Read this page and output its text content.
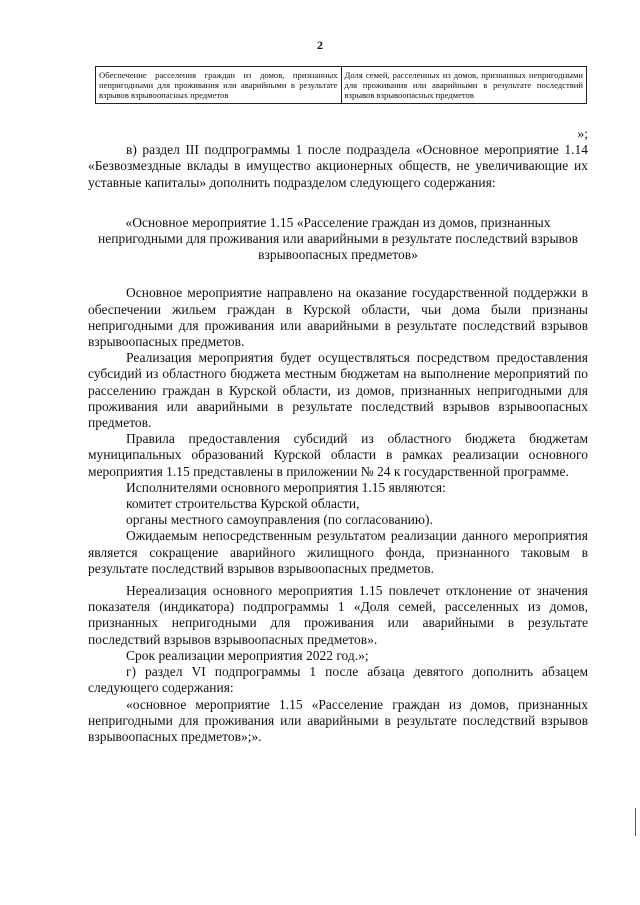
2
Обеспечение расселения граждан из домов, признанных непригодными для проживания или аварийными в результате взрывов взрывоопасных предметов	Доля семей, расселенных из домов, признанных непригодными для проживания или аварийными в результате последствий взрывов взрывоопасных предметов

»;

в) раздел III подпрограммы 1 после подраздела «Основное мероприятие 1.14 «Безвозмездные вклады в имущество акционерных обществ, не увеличивающие их уставные капиталы» дополнить подразделом следующего содержания:

«Основное мероприятие 1.15 «Расселение граждан из домов, признанных непригодными для проживания или аварийными в результате последствий взрывов взрывоопасных предметов»

Основное мероприятие направлено на оказание государственной поддержки в обеспечении жильем граждан в Курской области, чьи дома были признаны непригодными для проживания или аварийными в результате последствий взрывов взрывоопасных предметов.

Реализация мероприятия будет осуществляться посредством предоставления субсидий из областного бюджета местным бюджетам на выполнение мероприятий по расселению граждан в Курской области, из домов, признанных непригодными для проживания или аварийными в результате последствий взрывов взрывоопасных предметов.

Правила предоставления субсидий из областного бюджета бюджетам муниципальных образований Курской области в рамках реализации основного мероприятия 1.15 представлены в приложении № 24 к государственной программе.

Исполнителями основного мероприятия 1.15 являются:

комитет строительства Курской области,

органы местного самоуправления (по согласованию).

Ожидаемым непосредственным результатом реализации данного мероприятия является сокращение аварийного жилищного фонда, признанного таковым в результате последствий взрывов взрывоопасных предметов.

Нереализация основного мероприятия 1.15 повлечет отклонение от значения показателя (индикатора) подпрограммы 1 «Доля семей, расселенных из домов, признанных непригодными для проживания или аварийными в результате последствий взрывов взрывоопасных предметов».

Срок реализации мероприятия 2022 год.»;

г) раздел VI подпрограммы 1 после абзаца девятого дополнить абзацем следующего содержания:

«основное мероприятие 1.15 «Расселение граждан из домов, признанных непригодными для проживания или аварийными в результате последствий взрывов взрывоопасных предметов»;».
